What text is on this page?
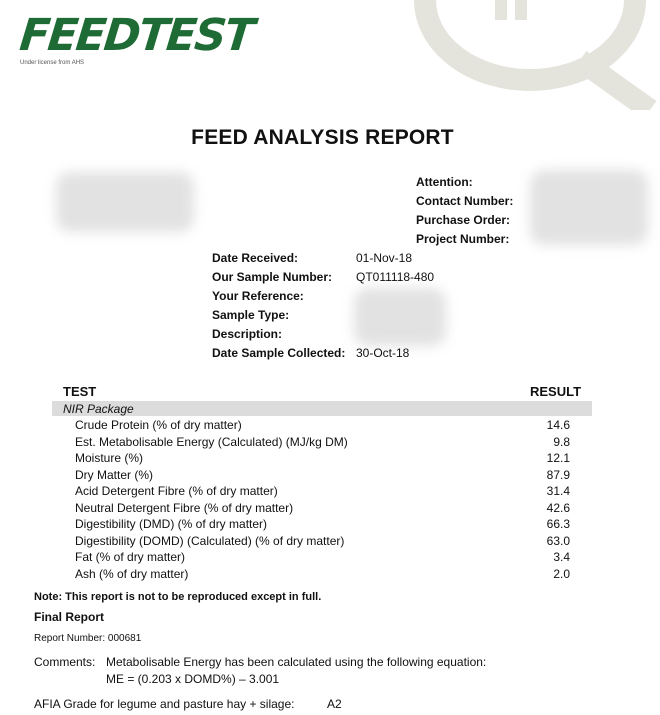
FEEDTEST
Under license from AHS
FEED ANALYSIS REPORT
Attention:
Contact Number:
Purchase Order:
Project Number:
Date Received:	01-Nov-18
Our Sample Number: QT011118-480
Your Reference:
Sample Type:
Description:
Date Sample Collected: 30-Oct-18
TEST	RESULT
NIR Package
Crude Protein (% of dry matter)	14.6
Est. Metabolisable Energy (Calculated) (MJ/kg DM)	9.8
Moisture (%)	12.1
Dry Matter (%)	87.9
Acid Detergent Fibre (% of dry matter)	31.4
Neutral Detergent Fibre (% of dry matter)	42.6
Digestibility (DMD) (% of dry matter)	66.3
Digestibility (DOMD) (Calculated) (% of dry matter)	63.0
Fat (% of dry matter)	3.4
Ash (% of dry matter)	2.0
Note: This report is not to be reproduced except in full.
Final Report
Report Number: 000681
Comments: Metabolisable Energy has been calculated using the following equation:
ME = (0.203 x DOMD%) – 3.001
AFIA Grade for legume and pasture hay + silage:	A2
